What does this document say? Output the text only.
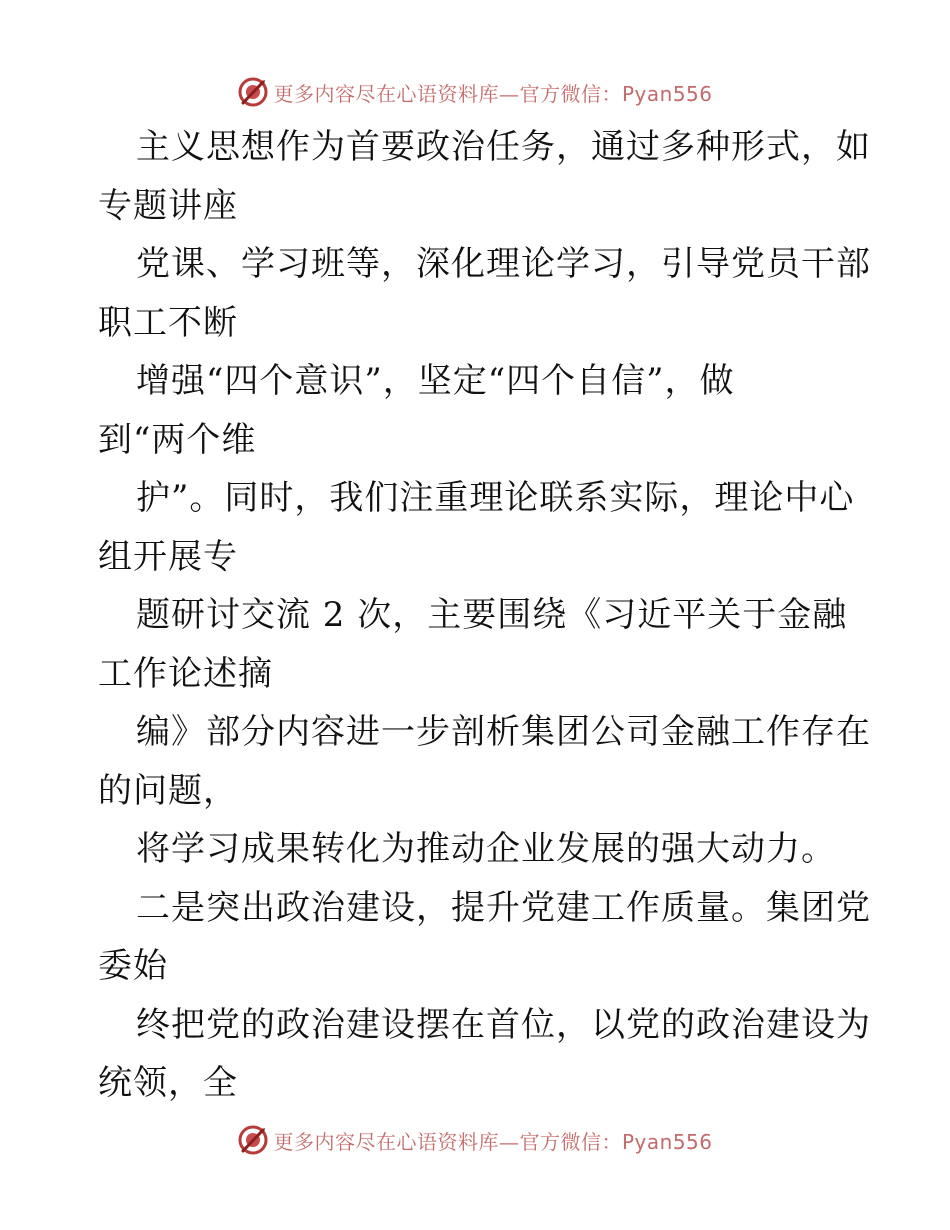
更多内容尽在心语资料库—官方微信：Pyan556
主义思想作为首要政治任务，通过多种形式，如
专题讲座
党课、学习班等，深化理论学习，引导党员干部
职工不断
增强“四个意识”，坚定“四个自信”，做
到“两个维
护”。同时，我们注重理论联系实际，理论中心
组开展专
题研讨交流 2 次，主要围绕《习近平关于金融
工作论述摘
编》部分内容进一步剖析集团公司金融工作存在
的问题，
将学习成果转化为推动企业发展的强大动力。
二是突出政治建设，提升党建工作质量。集团党
委始
终把党的政治建设摆在首位，以党的政治建设为
统领，全
更多内容尽在心语资料库—官方微信：Pyan556
